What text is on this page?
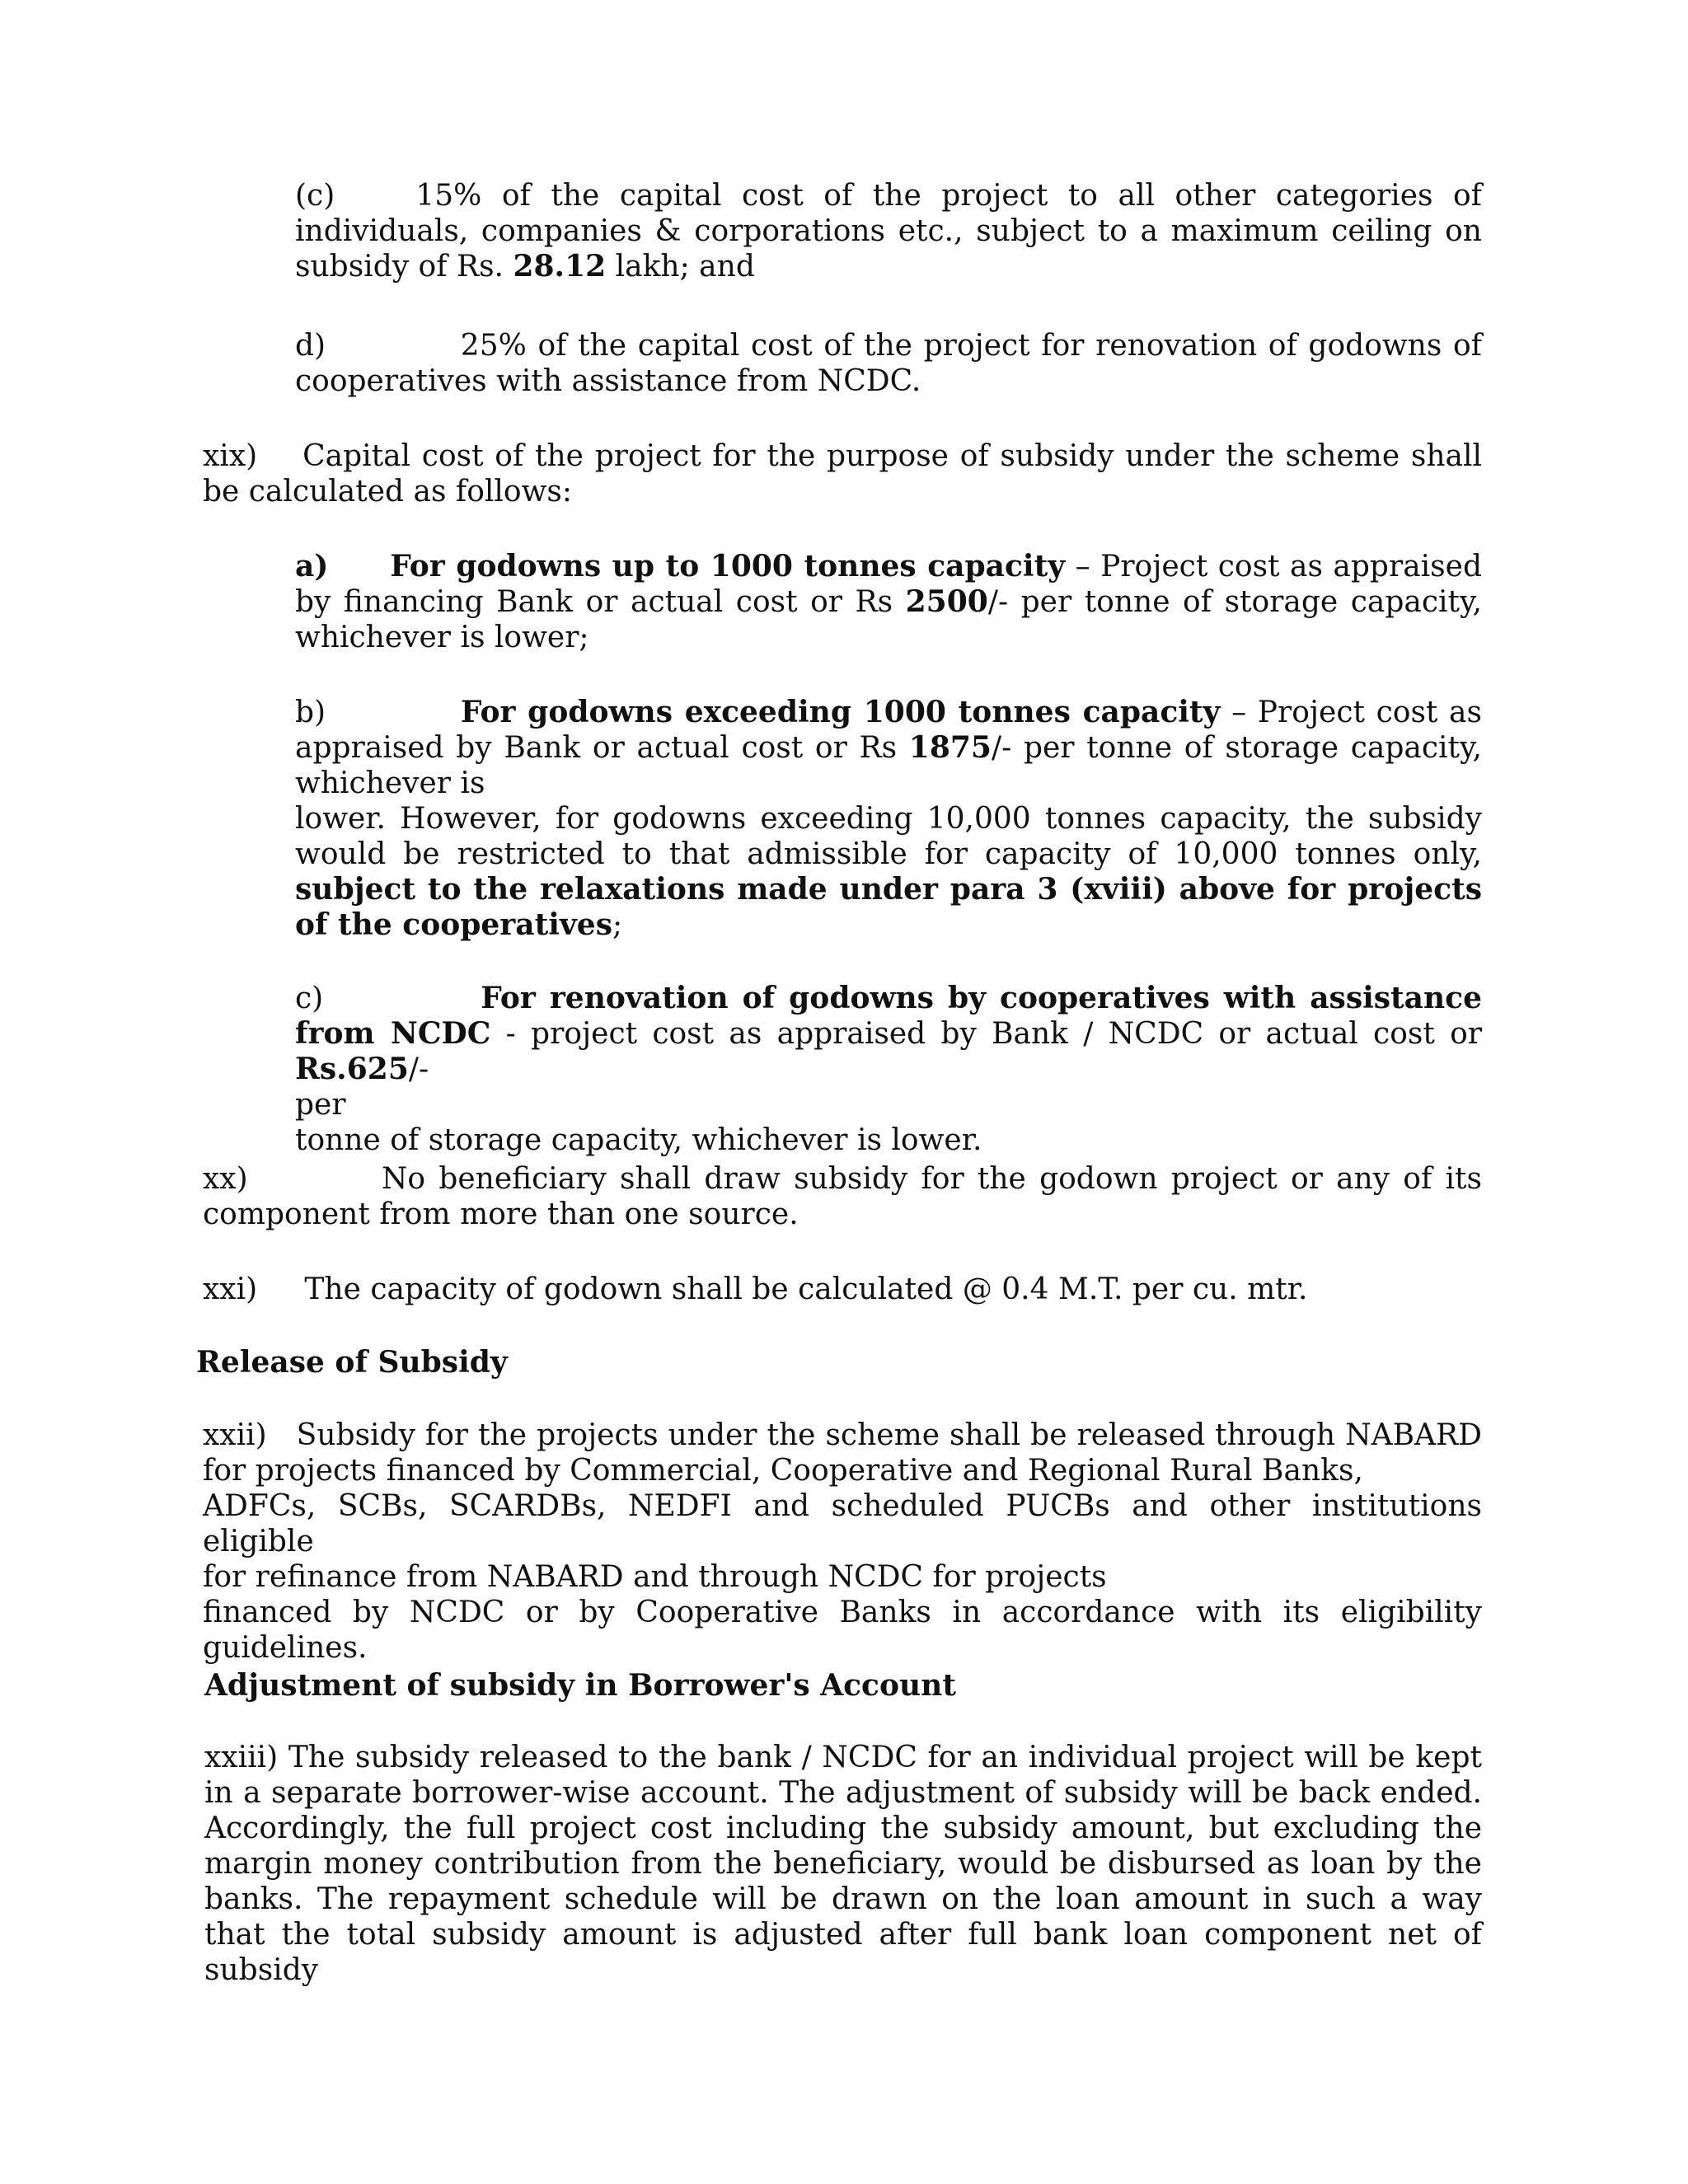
(c)	15% of the capital cost of the project to all other categories of individuals, companies & corporations etc., subject to a maximum ceiling on subsidy of Rs. 28.12 lakh; and

d)	25% of the capital cost of the project for renovation of godowns of cooperatives with assistance from NCDC.

xix) Capital cost of the project for the purpose of subsidy under the scheme shall be calculated as follows:

a) For godowns up to 1000 tonnes capacity – Project cost as appraised by financing Bank or actual cost or Rs 2500/- per tonne of storage capacity, whichever is lower;

b)	For godowns exceeding 1000 tonnes capacity – Project cost as appraised by Bank or actual cost or Rs 1875/- per tonne of storage capacity, whichever is
lower. However, for godowns exceeding 10,000 tonnes capacity, the subsidy would be restricted to that admissible for capacity of 10,000 tonnes only, subject to the relaxations made under para 3 (xviii) above for projects of the cooperatives;
c)	For renovation of godowns by cooperatives with assistance from NCDC - project cost as appraised by Bank / NCDC or actual cost or Rs.625/-
per
tonne of storage capacity, whichever is lower.

xx)	No beneficiary shall draw subsidy for the godown project or any of its component from more than one source.

xxi) The capacity of godown shall be calculated @ 0.4 M.T. per cu. mtr.

Release of Subsidy
xxii) Subsidy for the projects under the scheme shall be released through NABARD
for projects financed by Commercial, Cooperative and Regional Rural Banks,
ADFCs, SCBs, SCARDBs, NEDFI and scheduled PUCBs and other institutions eligible
for refinance from NABARD and through NCDC for projects
financed by NCDC or by Cooperative Banks in accordance with its eligibility guidelines.
Adjustment of subsidy in Borrower's Account

xxiii) The subsidy released to the bank / NCDC for an individual project will be kept in a separate borrower-wise account. The adjustment of subsidy will be back ended. Accordingly, the full project cost including the subsidy amount, but excluding the margin money contribution from the beneficiary, would be disbursed as loan by the banks. The repayment schedule will be drawn on the loan amount in such a way that the total subsidy amount is adjusted after full bank loan component net of subsidy
